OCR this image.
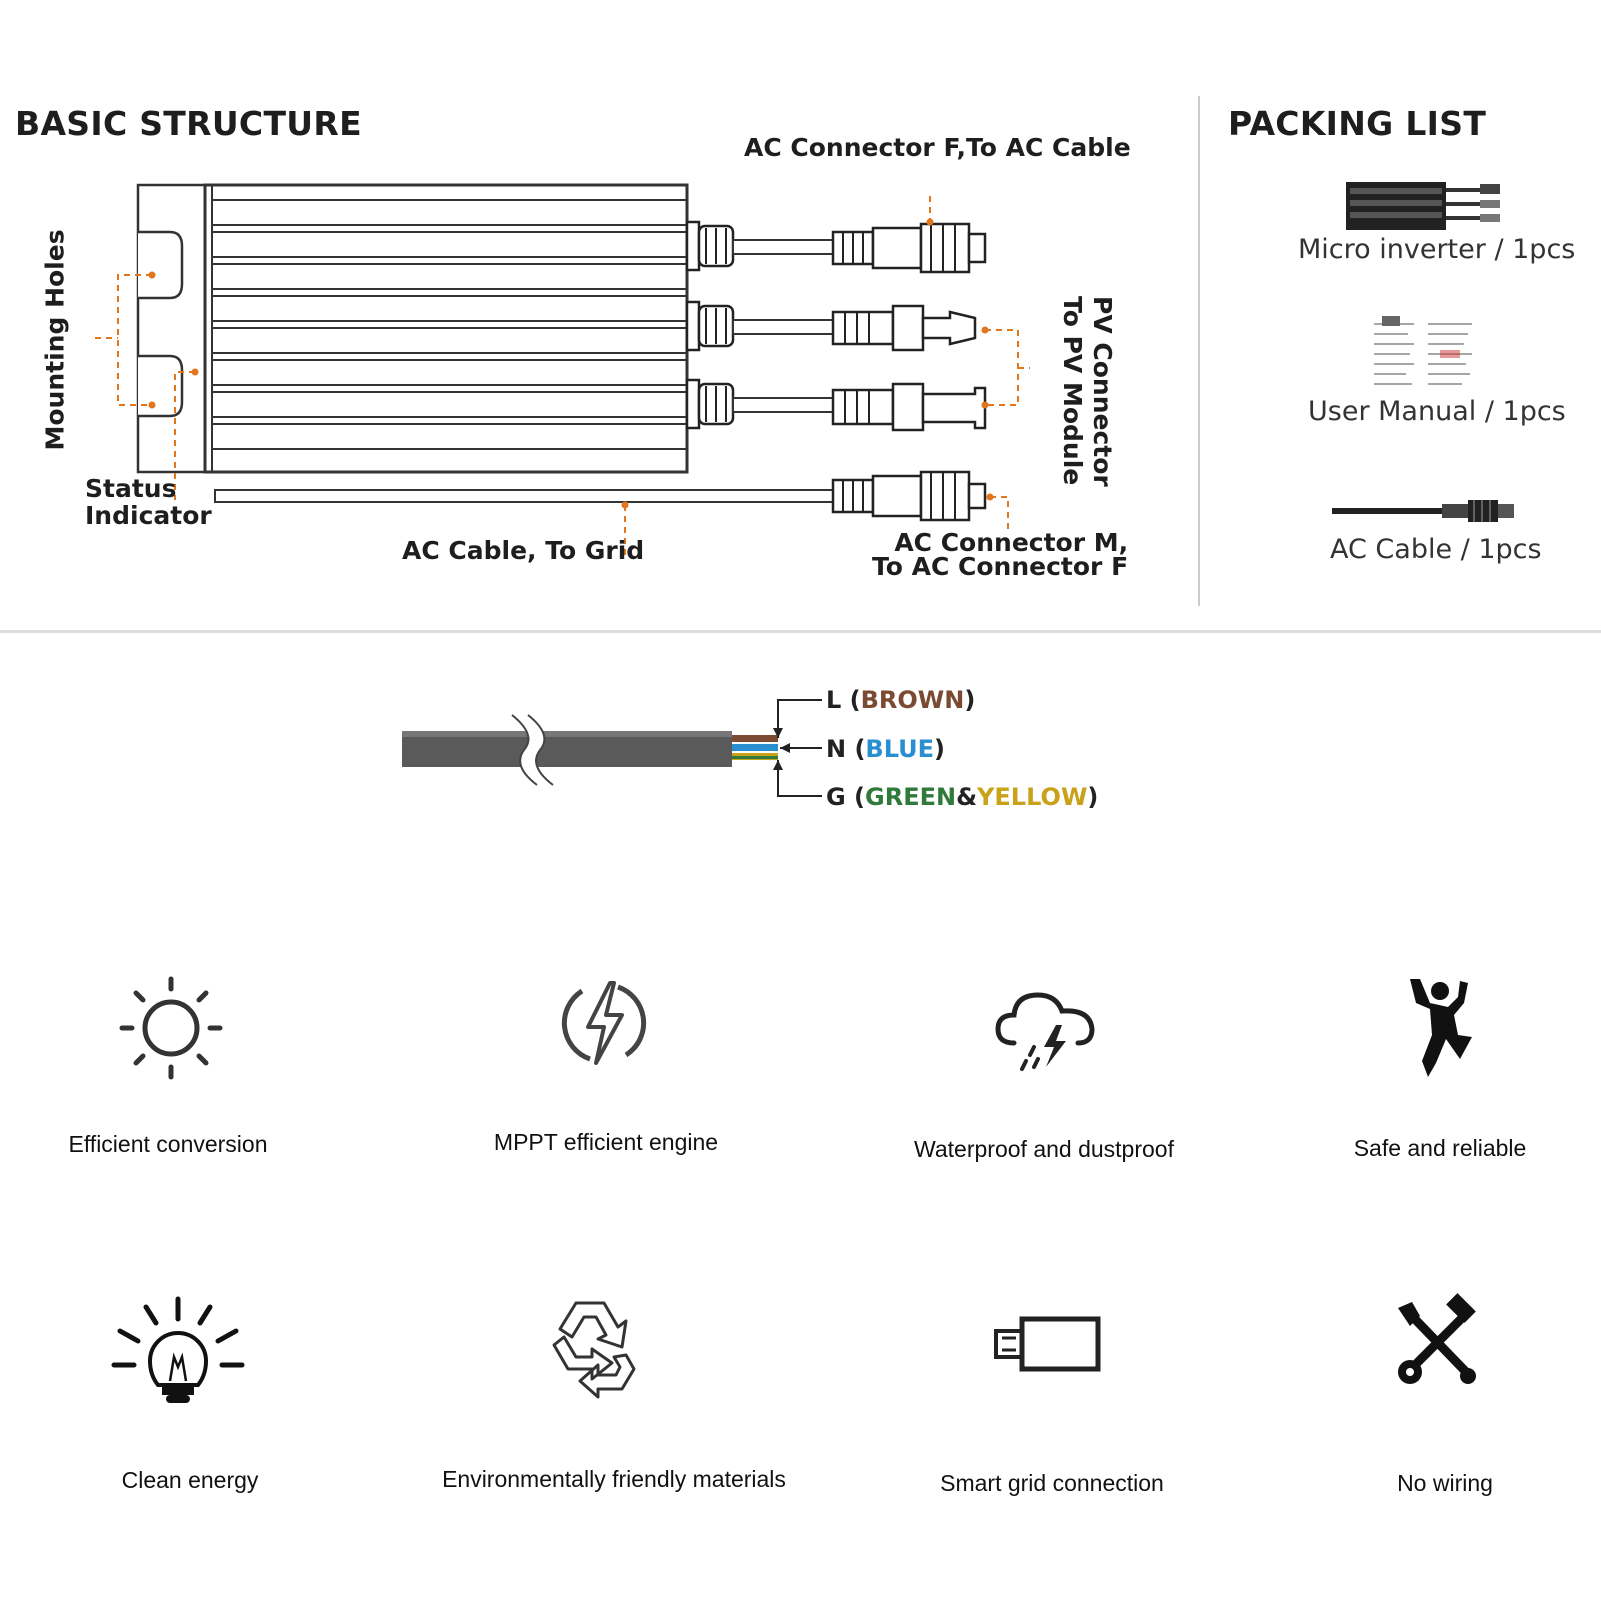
BASIC STRUCTURE
AC Connector F,To AC Cable
Mounting Holes
Status
Indicator
PV Connector
To PV Module
AC Cable, To Grid	AC Connector M,
To AC Connector F
PACKING LIST
Micro inverter / 1pcs
User Manual / 1pcs
AC Cable / 1pcs
L (BROWN)
N (BLUE)
G (GREEN&YELLOW)
Efficient conversion	MPPT efficient engine	Waterproof and dustproof	Safe and reliable
Clean energy	Environmentally friendly materials	Smart grid connection	No wiring
